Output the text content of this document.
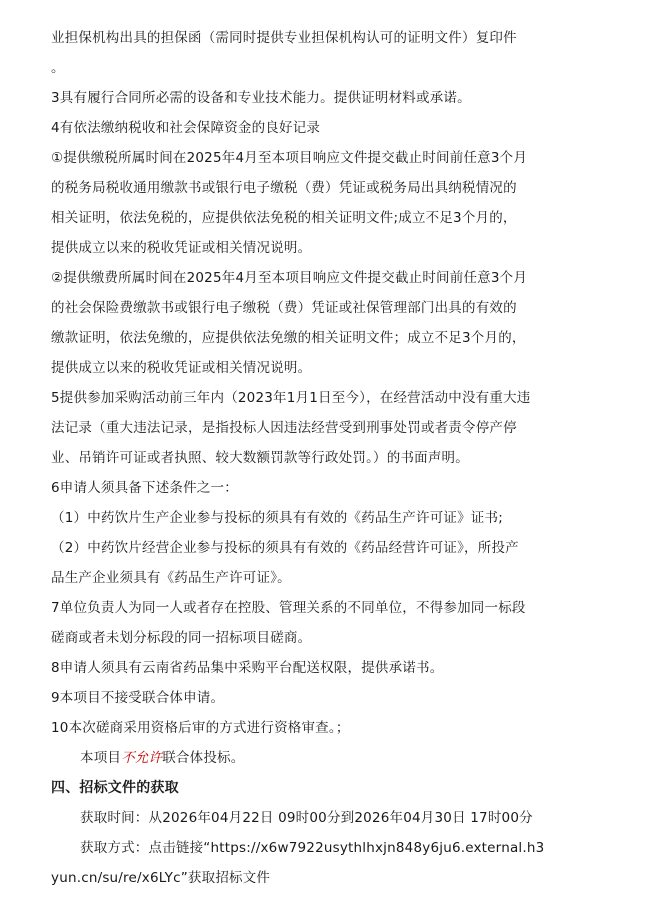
业担保机构出具的担保函（需同时提供专业担保机构认可的证明文件）复印件
。
3具有履行合同所必需的设备和专业技术能力。提供证明材料或承诺。
4有依法缴纳税收和社会保障资金的良好记录
①提供缴税所属时间在2025年4月至本项目响应文件提交截止时间前任意3个月
的税务局税收通用缴款书或银行电子缴税（费）凭证或税务局出具纳税情况的
相关证明，依法免税的，应提供依法免税的相关证明文件;成立不足3个月的，
提供成立以来的税收凭证或相关情况说明。
②提供缴费所属时间在2025年4月至本项目响应文件提交截止时间前任意3个月
的社会保险费缴款书或银行电子缴税（费）凭证或社保管理部门出具的有效的
缴款证明，依法免缴的，应提供依法免缴的相关证明文件；成立不足3个月的，
提供成立以来的税收凭证或相关情况说明。
5提供参加采购活动前三年内（2023年1月1日至今），在经营活动中没有重大违
法记录（重大违法记录，是指投标人因违法经营受到刑事处罚或者责令停产停
业、吊销许可证或者执照、较大数额罚款等行政处罚。）的书面声明。
6申请人须具备下述条件之一：
（1）中药饮片生产企业参与投标的须具有有效的《药品生产许可证》证书;
（2）中药饮片经营企业参与投标的须具有有效的《药品经营许可证》，所投产
品生产企业须具有《药品生产许可证》。
7单位负责人为同一人或者存在控股、管理关系的不同单位，不得参加同一标段
磋商或者未划分标段的同一招标项目磋商。
8申请人须具有云南省药品集中采购平台配送权限，提供承诺书。
9本项目不接受联合体申请。
10本次磋商采用资格后审的方式进行资格审查。；
本项目不允许联合体投标。
四、招标文件的获取
获取时间：从2026年04月22日 09时00分到2026年04月30日 17时00分
获取方式：点击链接“https://x6w7922usythlhxjn848y6ju6.external.h3
yun.cn/su/re/x6LYc”获取招标文件
